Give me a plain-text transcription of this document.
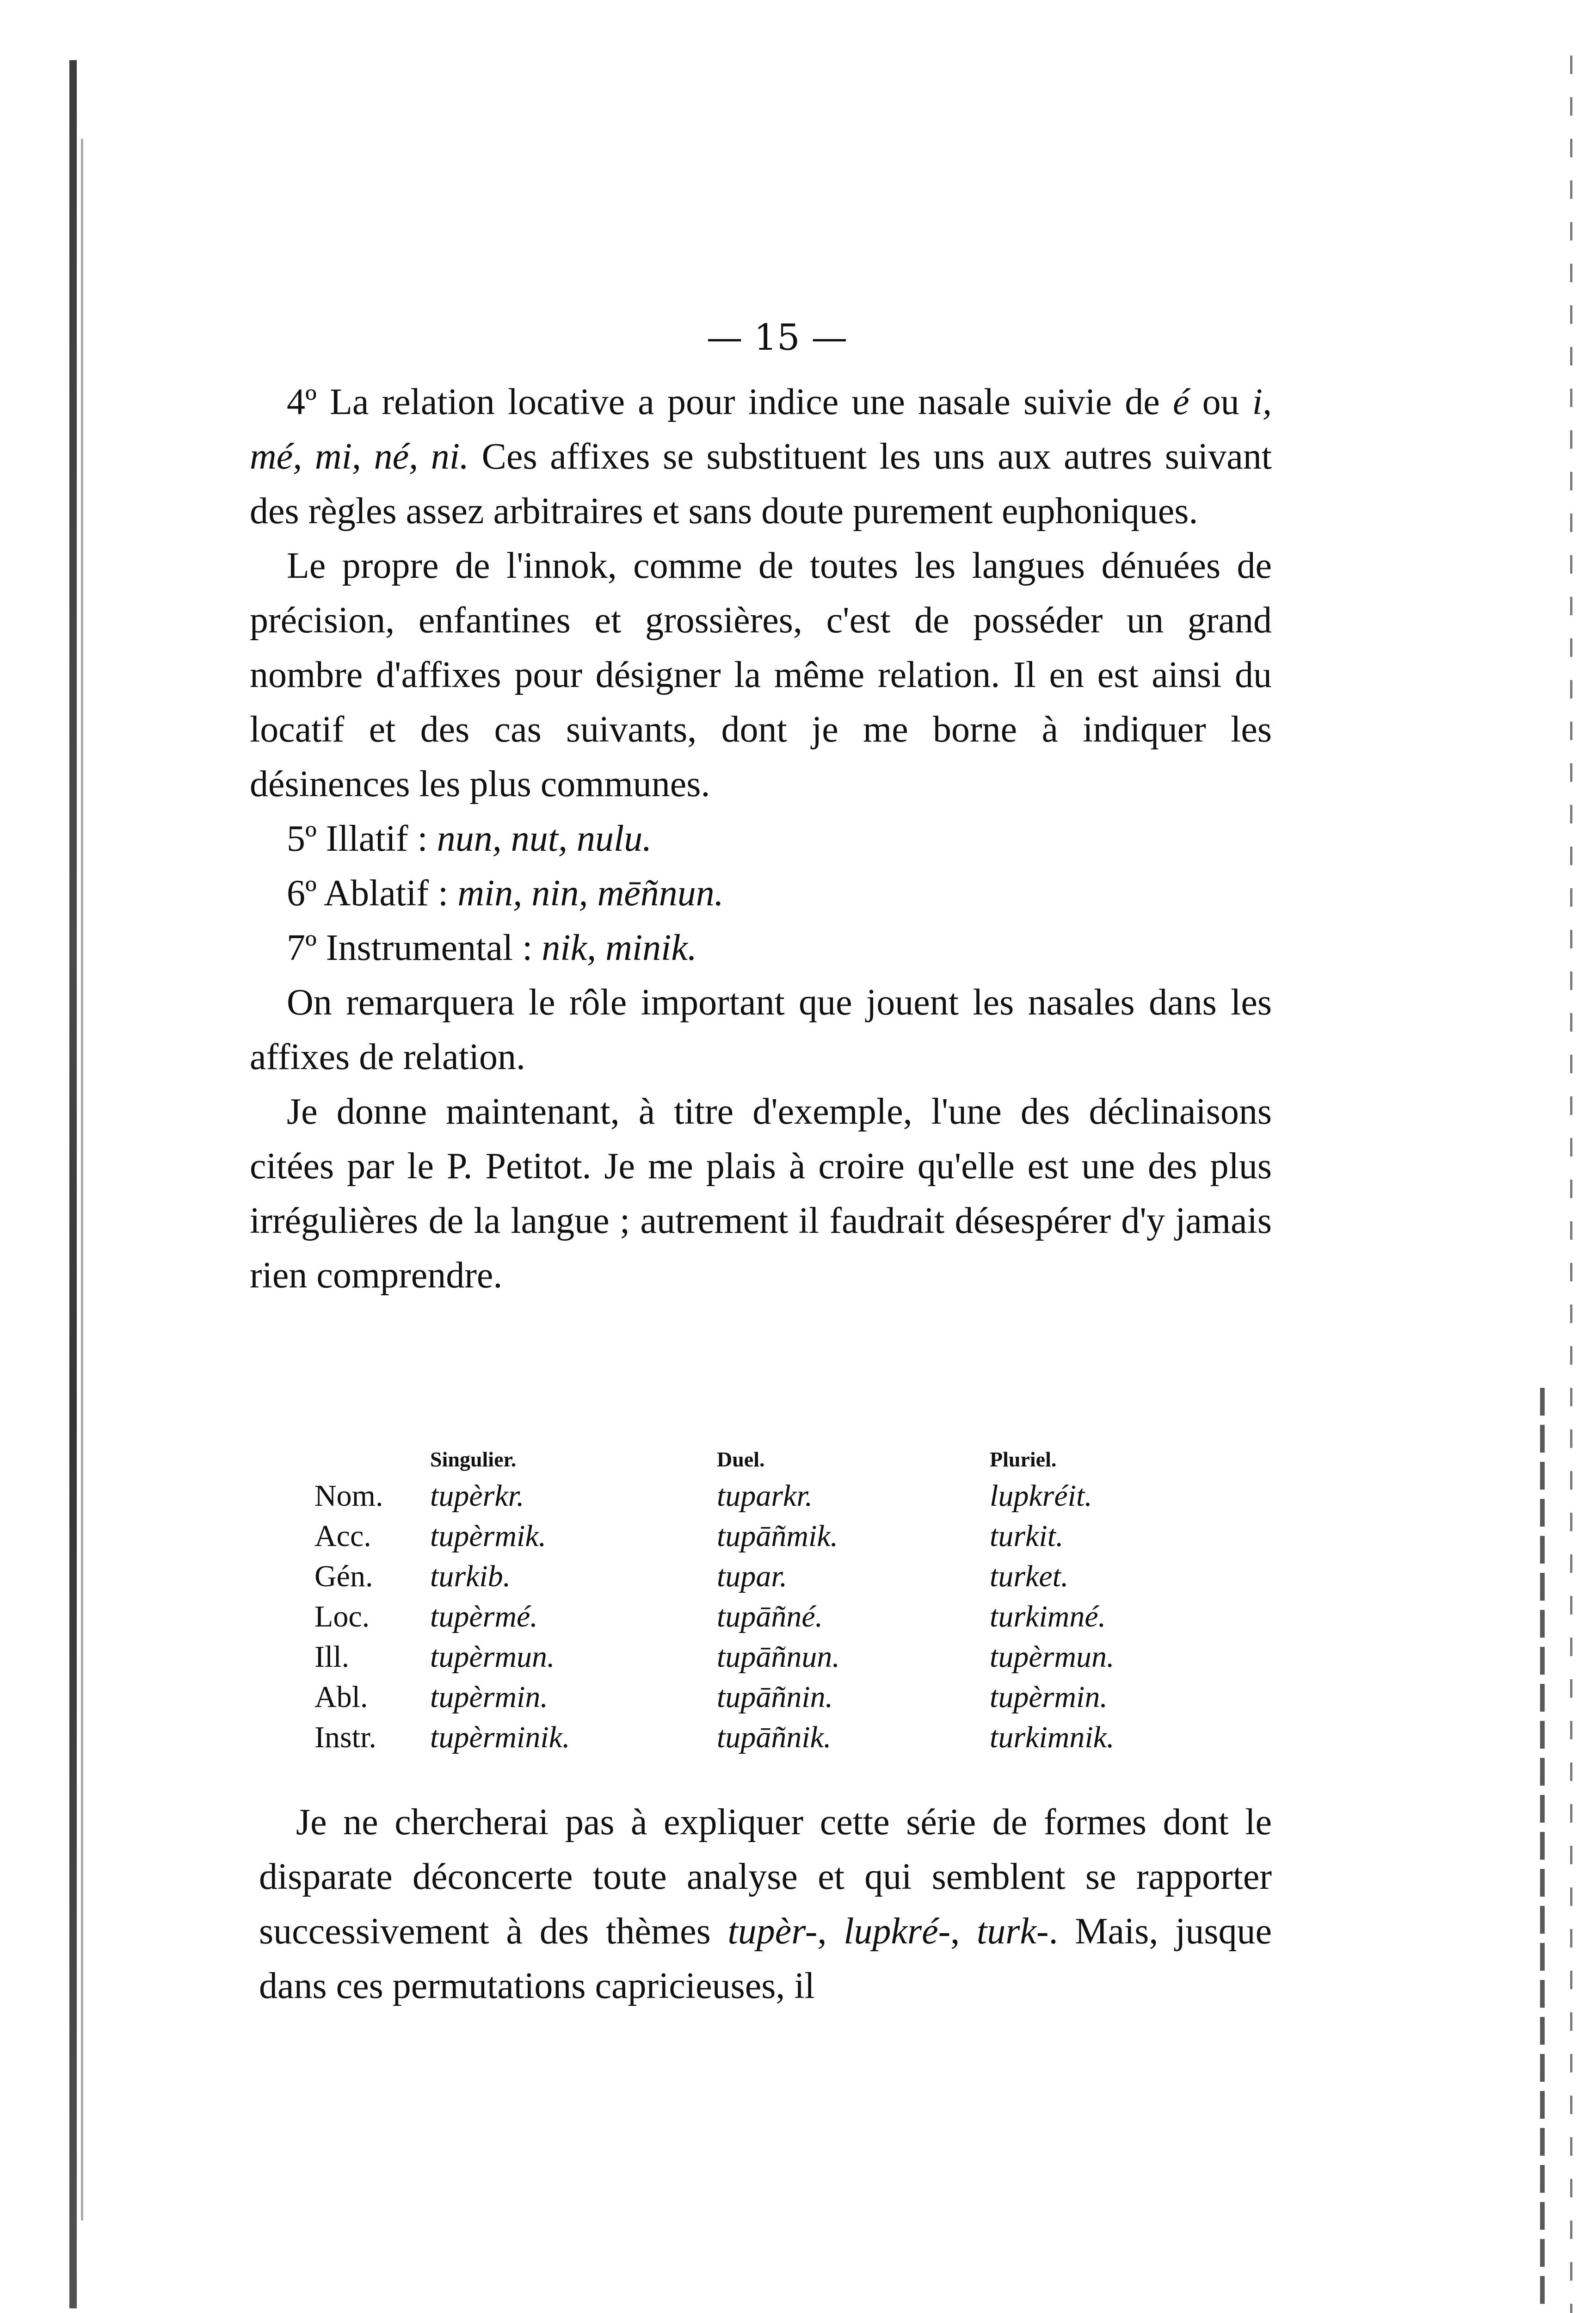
— 15 —

4º La relation locative a pour indice une nasale suivie de é ou i, mé, mi, né, ni. Ces affixes se substituent les uns aux autres suivant des règles assez arbitraires et sans doute purement euphoniques.

Le propre de l'innok, comme de toutes les langues dénuées de précision, enfantines et grossières, c'est de posséder un grand nombre d'affixes pour désigner la même relation. Il en est ainsi du locatif et des cas suivants, dont je me borne à indiquer les désinences les plus communes.

5º Illatif : nun, nut, nulu.

6º Ablatif : min, nin, mēñnun.

7º Instrumental : nik, minik.

On remarquera le rôle important que jouent les nasales dans les affixes de relation.

Je donne maintenant, à titre d'exemple, l'une des déclinaisons citées par le P. Petitot. Je me plais à croire qu'elle est une des plus irrégulières de la langue ; autrement il faudrait désespérer d'y jamais rien comprendre.

	Singulier.	Duel.	Pluriel.
Nom.	tupèrkr.	tuparkr.	lupkréit.
Acc.	tupèrmik.	tupāñmik.	turkit.
Gén.	turkib.	tupar.	turket.
Loc.	tupèrmé.	tupāñné.	turkimné.
Ill.	tupèrmun.	tupāñnun.	tupèrmun.
Abl.	tupèrmin.	tupāñnin.	tupèrmin.
Instr.	tupèrminik.	tupāñnik.	turkimnik.

Je ne chercherai pas à expliquer cette série de formes dont le disparate déconcerte toute analyse et qui semblent se rapporter successivement à des thèmes tupèr-, lupkré-, turk-. Mais, jusque dans ces permutations capricieuses, il
